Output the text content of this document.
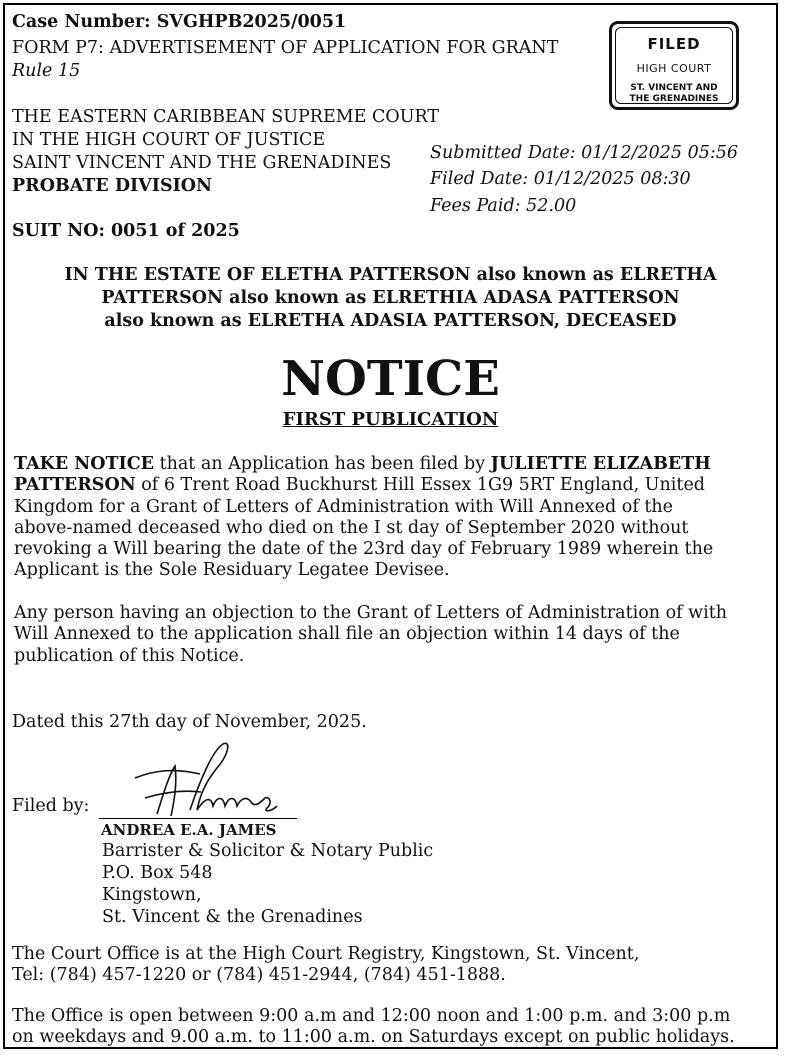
Case Number: SVGHPB2025/0051
FORM P7: ADVERTISEMENT OF APPLICATION FOR GRANT
Rule 15
FILED
HIGH COURT
ST. VINCENT AND
THE GRENADINES
THE EASTERN CARIBBEAN SUPREME COURT
IN THE HIGH COURT OF JUSTICE
SAINT VINCENT AND THE GRENADINES
PROBATE DIVISION
Submitted Date: 01/12/2025 05:56
Filed Date: 01/12/2025 08:30
Fees Paid: 52.00
SUIT NO: 0051 of 2025
IN THE ESTATE OF ELETHA PATTERSON also known as ELRETHA
PATTERSON also known as ELRETHIA ADASA PATTERSON
also known as ELRETHA ADASIA PATTERSON, DECEASED
NOTICE
FIRST PUBLICATION

TAKE NOTICE that an Application has been filed by JULIETTE ELIZABETH

PATTERSON of 6 Trent Road Buckhurst Hill Essex 1G9 5RT England, United

Kingdom for a Grant of Letters of Administration with Will Annexed of the

above-named deceased who died on the I st day of September 2020 without

revoking a Will bearing the date of the 23rd day of February 1989 wherein the

Applicant is the Sole Residuary Legatee Devisee.

Any person having an objection to the Grant of Letters of Administration of with

Will Annexed to the application shall file an objection within 14 days of the

publication of this Notice.

Dated this 27th day of November, 2025.
Filed by:
ANDREA E.A. JAMES
Barrister & Solicitor & Notary Public
P.O. Box 548
Kingstown,
St. Vincent & the Grenadines
The Court Office is at the High Court Registry, Kingstown, St. Vincent,
Tel: (784) 457-1220 or (784) 451-2944, (784) 451-1888.
The Office is open between 9:00 a.m and 12:00 noon and 1:00 p.m. and 3:00 p.m
on weekdays and 9.00 a.m. to 11:00 a.m. on Saturdays except on public holidays.
